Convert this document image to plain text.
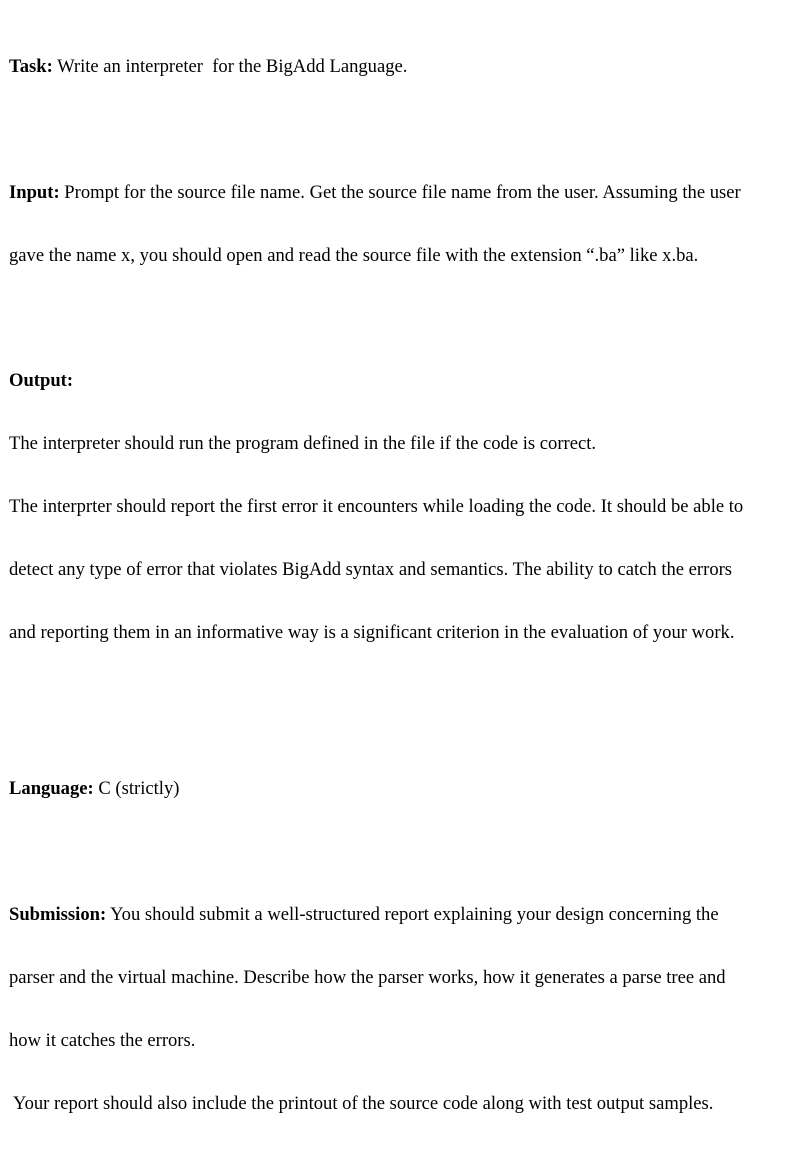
Task: Write an interpreter  for the BigAdd Language.

Input: Prompt for the source file name. Get the source file name from the user. Assuming the user

gave the name x, you should open and read the source file with the extension “.ba” like x.ba.

Output:

The interpreter should run the program defined in the file if the code is correct.

The interprter should report the first error it encounters while loading the code. It should be able to

detect any type of error that violates BigAdd syntax and semantics. The ability to catch the errors

and reporting them in an informative way is a significant criterion in the evaluation of your work.

Language: C (strictly)

Submission: You should submit a well-structured report explaining your design concerning the

parser and the virtual machine. Describe how the parser works, how it generates a parse tree and

how it catches the errors.

Your report should also include the printout of the source code along with test output samples.
